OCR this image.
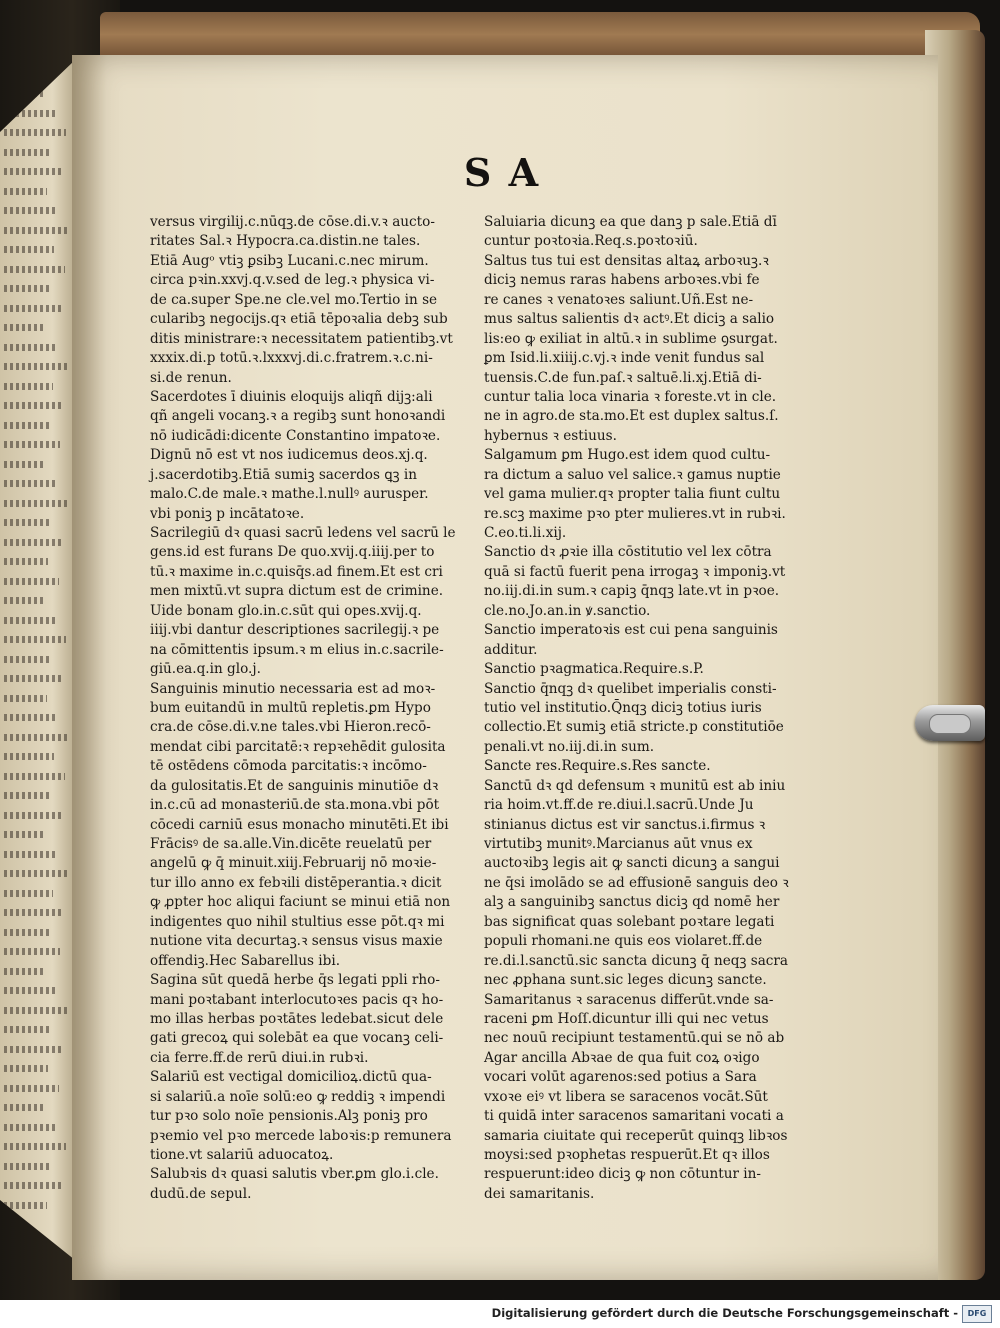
S A
versus virgilij.c.nūqꝫ.de cōse.di.v.ꝛ aucto-
ritates Sal.ꝛ Hypocra.ca.distin.ne tales.
Etiā Augᵒ vtiꝫ ꝑsibꝫ Lucani.c.nec mirum.
circa pꝛin.xxvj.q.v.sed de leg.ꝛ physica vi-
de ca.super Spe.ne cle.vel mo.Tertio in se
cularibꝫ negocijs.qꝛ etiā tēpoꝛalia debꝫ sub
ditis ministrare:ꝛ necessitatem patientibꝫ.vt
xxxix.di.p totū.ꝛ.lxxxvj.di.c.fratrem.ꝛ.c.ni-
si.de renun.
Sacerdotes ī diuinis eloquijs aliqñ dijꝫ:ali
qñ angeli vocanꝫ.ꝛ a regibꝫ sunt honoꝛandi
nō iudicādi:dicente Constantino impatoꝛe.
Dignū nō est vt nos iudicemus deos.xj.q.
j.sacerdotibꝫ.Etiā sumiꝫ sacerdos ꝗꝫ in
malo.C.de male.ꝛ mathe.l.nullꝰ aurusper.
vbi poniꝫ p incātatoꝛe.
Sacrilegiū dꝛ quasi sacrū ledens vel sacrū le
gens.id est furans De quo.xvij.q.iiij.per to
tū.ꝛ maxime in.c.quisq̄s.ad finem.Et est cri
men mixtū.vt supra dictum est de crimine.
Uide bonam glo.in.c.sūt qui opes.xvij.q.
iiij.vbi dantur descriptiones sacrilegij.ꝛ pe
na cōmittentis ipsum.ꝛ m elius in.c.sacrile-
giū.ea.q.in glo.j.
Sanguinis minutio necessaria est ad moꝛ-
bum euitandū in multū repletis.ꝑm Hypo
cra.de cōse.di.v.ne tales.vbi Hieron.recō-
mendat cibi parcitatē:ꝛ repꝛehēdit gulosita
tē ostēdens cōmoda parcitatis:ꝛ incōmo-
da gulositatis.Et de sanguinis minutiōe dꝛ
in.c.cū ad monasteriū.de sta.mona.vbi pōt
cōcedi carniū esus monacho minutēti.Et ibi
Frācisꝰ de sa.alle.Vin.dicēte reuelatū per
angelū ꝙ q̄ minuit.xiij.Februarij nō moꝛie-
tur illo anno ex febꝛili distēperantia.ꝛ dicit
ꝙ ꝓpter hoc aliqui faciunt se minui etiā non
indigentes quo nihil stultius esse pōt.qꝛ mi
nutione vita decurtaꝫ.ꝛ sensus visus maxie
offendiꝫ.Hec Sabarellus ibi.
Sagina sūt quedā herbe q̄s legati ppli rho-
mani poꝛtabant interlocutoꝛes pacis qꝛ ho-
mo illas herbas poꝛtātes ledebat.sicut dele
gati grecoꝝ qui solebāt ea que vocanꝫ celi-
cia ferre.ff.de rerū diui.in rubꝛi.
Salariū est vectigal domicilioꝝ.dictū qua-
si salariū.a noīe solū:eo ꝙ reddiꝫ ꝛ impendi
tur pꝛo solo noīe pensionis.Alꝫ poniꝫ pro
pꝛemio vel pꝛo mercede laboꝛis:p remunera
tione.vt salariū aduocatoꝝ.
Salubꝛis dꝛ quasi salutis vber.ꝑm glo.i.cle.
dudū.de sepul.
Saluiaria dicunꝫ ea que danꝫ p sale.Etiā dī
cuntur poꝛtoꝛia.Req.s.poꝛtoꝛiū.
Saltus tus tui est densitas altaꝝ arboꝛuꝫ.ꝛ
diciꝫ nemus raras habens arboꝛes.vbi fe
re canes ꝛ venatoꝛes saliunt.Uñ.Est ne-
mus saltus salientis dꝛ actꝰ.Et diciꝫ a salio
lis:eo ꝙ exiliat in altū.ꝛ in sublime ꝯsurgat.
ꝑm Isid.li.xiiij.c.vj.ꝛ inde venit fundus sal
tuensis.C.de fun.paſ.ꝛ saltuē.li.xj.Etiā di-
cuntur talia loca vinaria ꝛ foreste.vt in cle.
ne in agro.de sta.mo.Et est duplex saltus.ſ.
hybernus ꝛ estiuus.
Salgamum ꝑm Hugo.est idem quod cultu-
ra dictum a saluo vel salice.ꝛ gamus nuptie
vel gama mulier.qꝛ propter talia fiunt cultu
re.scꝫ maxime pꝛo pter mulieres.vt in rubꝛi.
C.eo.ti.li.xij.
Sanctio dꝛ ꝓꝛie illa cōstitutio vel lex cōtra
quā si factū fuerit pena irrogaꝫ ꝛ imponiꝫ.vt
no.iij.di.in sum.ꝛ capiꝫ q̄nqꝫ late.vt in pꝛoe.
cle.no.Jo.an.in ꝟ.sanctio.
Sanctio imperatoꝛis est cui pena sanguinis
additur.
Sanctio pꝛagmatica.Require.s.P.
Sanctio q̄nqꝫ dꝛ quelibet imperialis consti-
tutio vel institutio.Q̄nqꝫ diciꝫ totius iuris
collectio.Et sumiꝫ etiā stricte.p constitutiōe
penali.vt no.iij.di.in sum.
Sancte res.Require.s.Res sancte.
Sanctū dꝛ qd defensum ꝛ munitū est ab iniu
ria hoim.vt.ff.de re.diui.l.sacrū.Unde Ju
stinianus dictus est vir sanctus.i.firmus ꝛ
virtutibꝫ munitꝰ.Marcianus aūt vnus ex
auctoꝛibꝫ legis ait ꝙ sancti dicunꝫ a sangui
ne q̄si imolādo se ad effusionē sanguis deo ꝛ
alꝫ a sanguinibꝫ sanctus diciꝫ qd nomē her
bas significat quas solebant poꝛtare legati
populi rhomani.ne quis eos violaret.ff.de
re.di.l.sanctū.sic sancta dicunꝫ q̄ neqꝫ sacra
nec ꝓphana sunt.sic leges dicunꝫ sancte.
Samaritanus ꝛ saracenus differūt.vnde sa-
raceni ꝑm Hoſſ.dicuntur illi qui nec vetus
nec nouū recipiunt testamentū.qui se nō ab
Agar ancilla Abꝛae de qua fuit coꝝ oꝛigo
vocari volūt agarenos:sed potius a Sara
vxoꝛe eiꝰ vt libera se saracenos vocāt.Sūt
ti quidā inter saracenos samaritani vocati a
samaria ciuitate qui receperūt quinqꝫ libꝛos
moysi:sed pꝛophetas respuerūt.Et qꝛ illos
respuerunt:ideo diciꝫ ꝙ non cōtuntur in-
dei samaritanis.
Digitalisierung gefördert durch die Deutsche Forschungsgemeinschaft -	DFG
